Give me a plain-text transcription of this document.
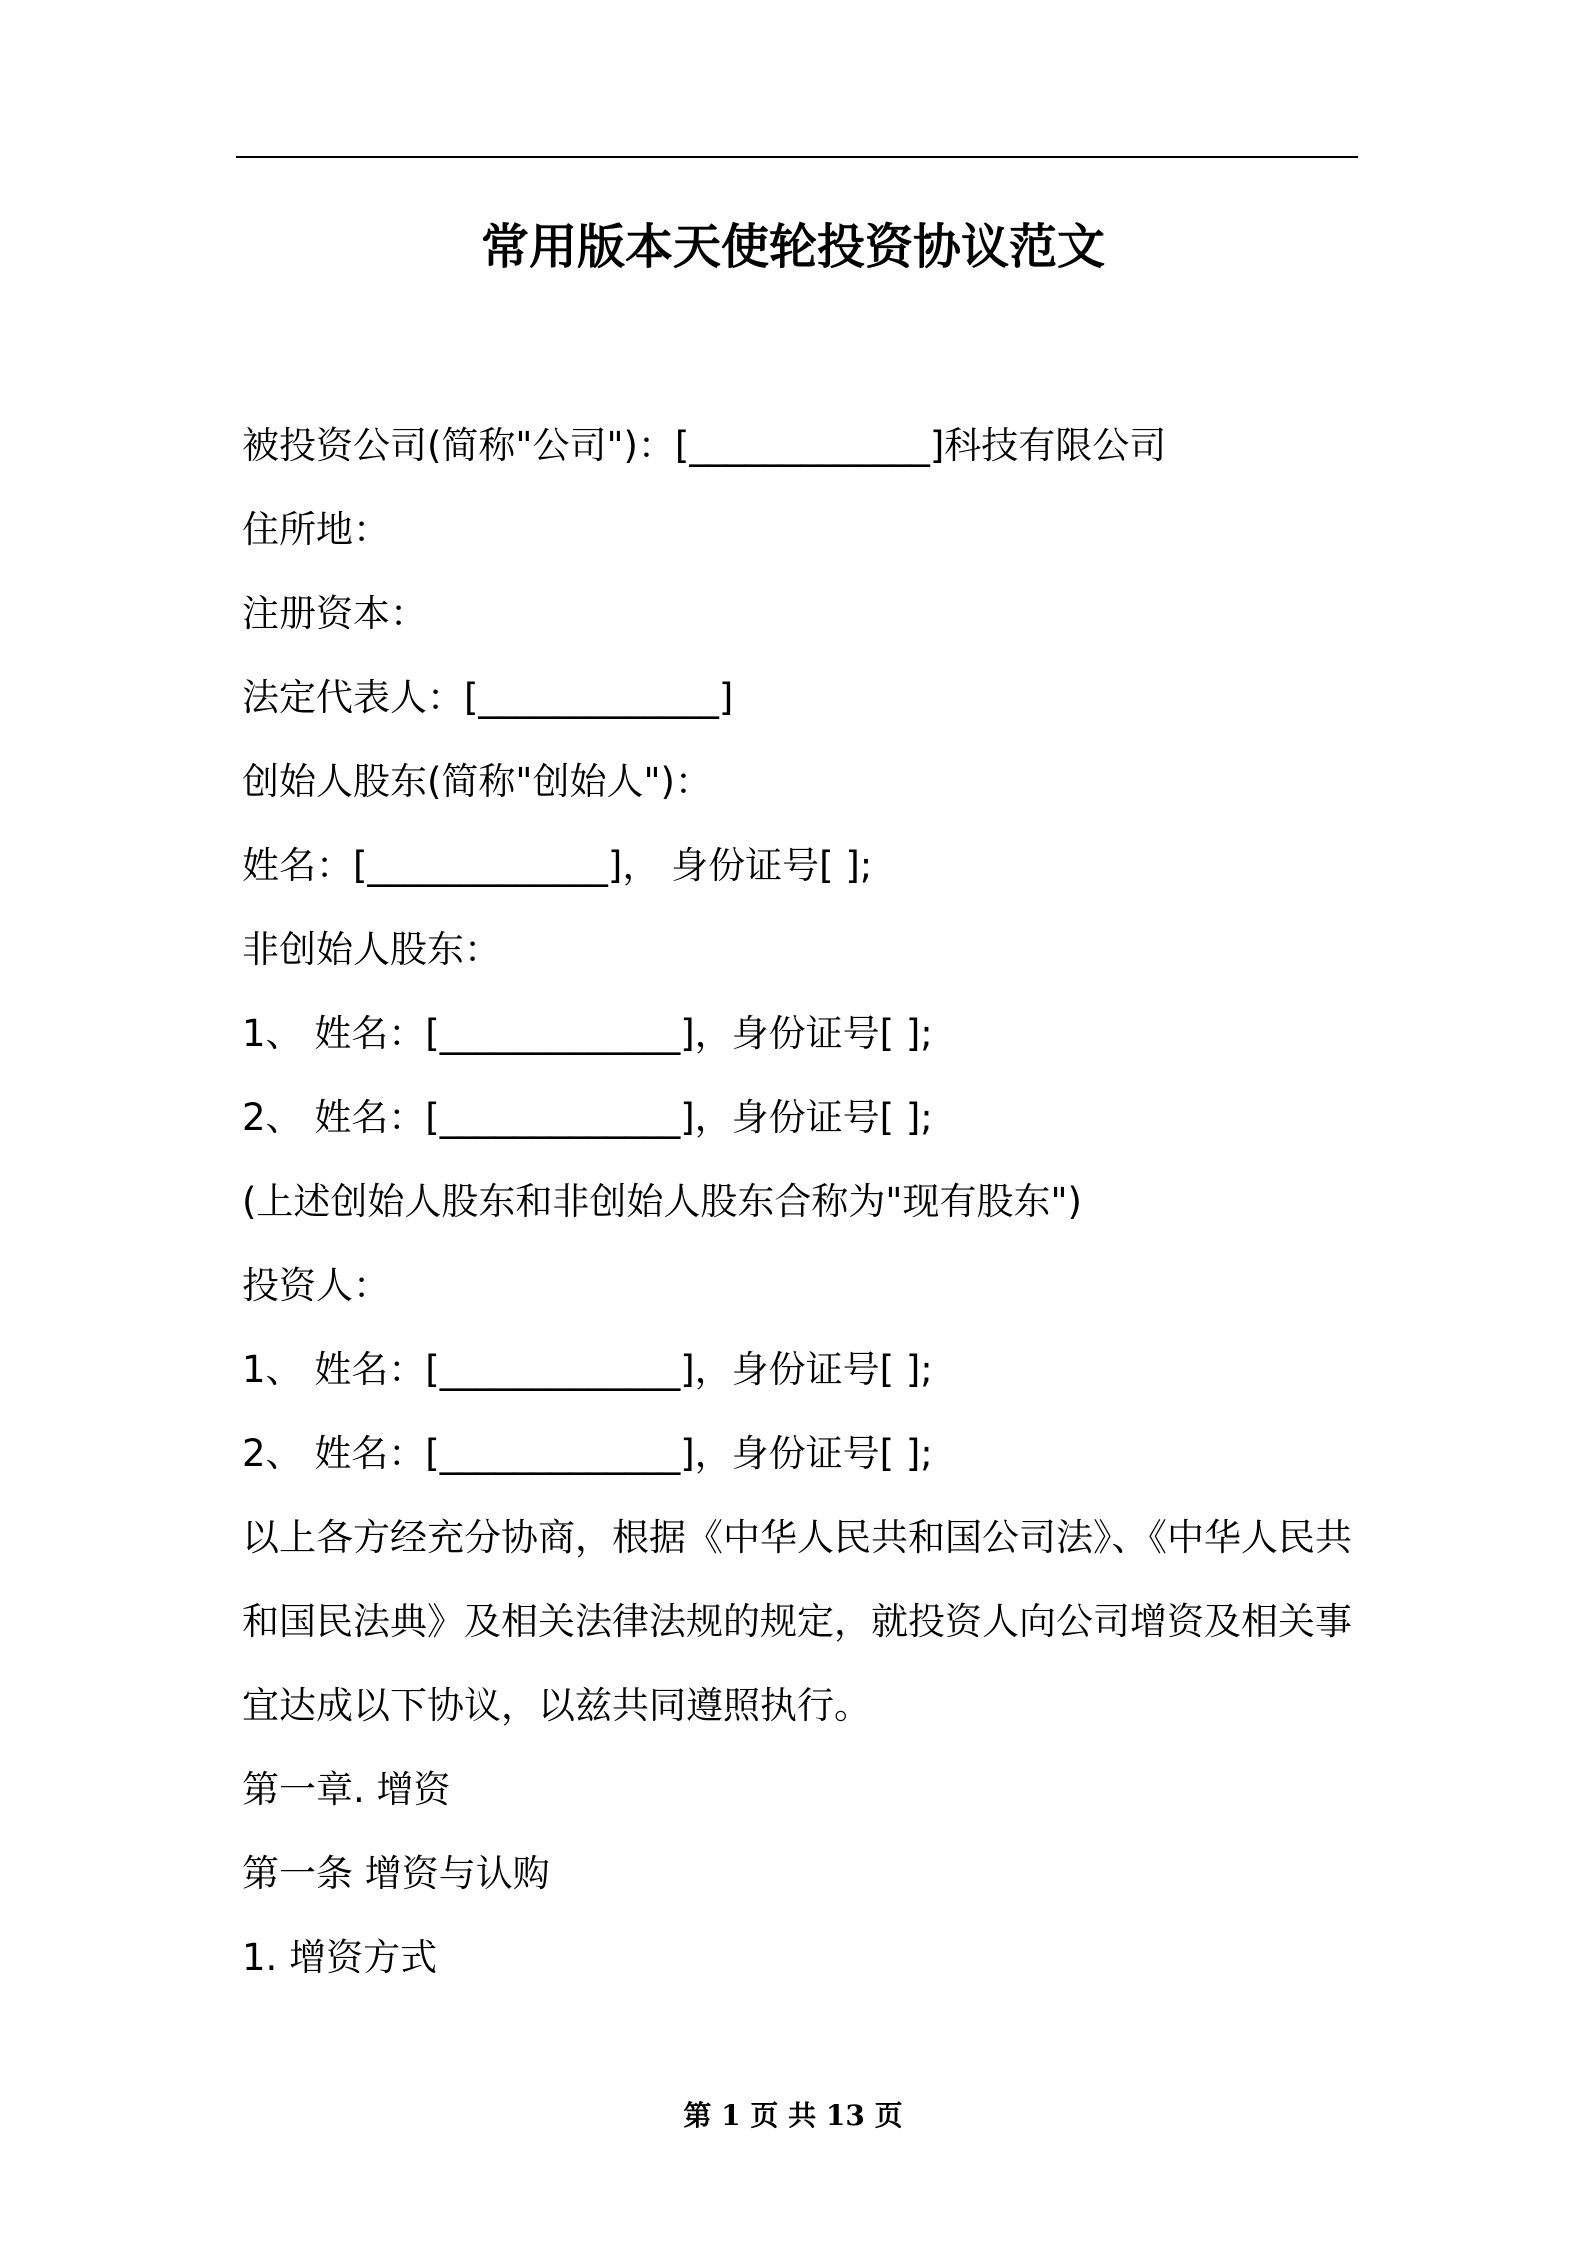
常用版本天使轮投资协议范文
被投资公司(简称"公司")：[_____________]科技有限公司
住所地：
注册资本：
法定代表人：[_____________]
创始人股东(简称"创始人")：
姓名：[_____________]， 身份证号[ ];
非创始人股东：
1、 姓名：[_____________]，身份证号[ ];
2、 姓名：[_____________]，身份证号[ ];
(上述创始人股东和非创始人股东合称为"现有股东")
投资人：
1、 姓名：[_____________]，身份证号[ ];
2、 姓名：[_____________]，身份证号[ ];
以上各方经充分协商，根据《中华人民共和国公司法》、《中华人民共和国民法典》及相关法律法规的规定，就投资人向公司增资及相关事宜达成以下协议，以兹共同遵照执行。
第一章. 增资
第一条 增资与认购
1. 增资方式
第 1 页 共 13 页
